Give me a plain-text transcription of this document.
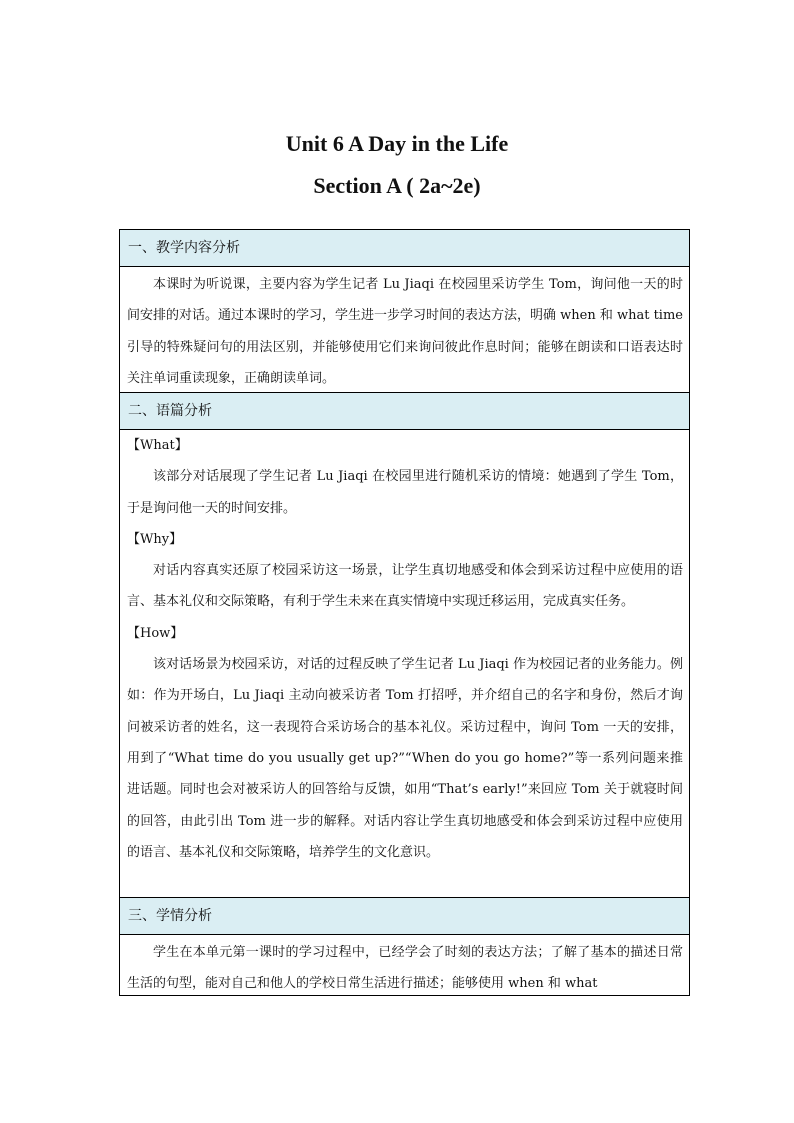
Unit 6 A Day in the Life
Section A ( 2a~2e)
一、教学内容分析

本课时为听说课，主要内容为学生记者 Lu Jiaqi 在校园里采访学生 Tom，询问他一天的时间安排的对话。通过本课时的学习，学生进一步学习时间的表达方法，明确 when 和 what time 引导的特殊疑问句的用法区别，并能够使用它们来询问彼此作息时间；能够在朗读和口语表达时关注单词重读现象，正确朗读单词。

二、语篇分析

【What】

该部分对话展现了学生记者 Lu Jiaqi 在校园里进行随机采访的情境：她遇到了学生 Tom，于是询问他一天的时间安排。

【Why】

对话内容真实还原了校园采访这一场景，让学生真切地感受和体会到采访过程中应使用的语言、基本礼仪和交际策略，有利于学生未来在真实情境中实现迁移运用，完成真实任务。

【How】

该对话场景为校园采访，对话的过程反映了学生记者 Lu Jiaqi 作为校园记者的业务能力。例如：作为开场白，Lu Jiaqi 主动向被采访者 Tom 打招呼，并介绍自己的名字和身份，然后才询问被采访者的姓名，这一表现符合采访场合的基本礼仪。采访过程中，询问 Tom 一天的安排，用到了“What time do you usually get up?”“When do you go home?”等一系列问题来推进话题。同时也会对被采访人的回答给与反馈，如用“That’s early!”来回应 Tom 关于就寝时间的回答，由此引出 Tom 进一步的解释。对话内容让学生真切地感受和体会到采访过程中应使用的语言、基本礼仪和交际策略，培养学生的文化意识。

三、学情分析

学生在本单元第一课时的学习过程中，已经学会了时刻的表达方法；了解了基本的描述日常生活的句型，能对自己和他人的学校日常生活进行描述；能够使用 when 和 what
